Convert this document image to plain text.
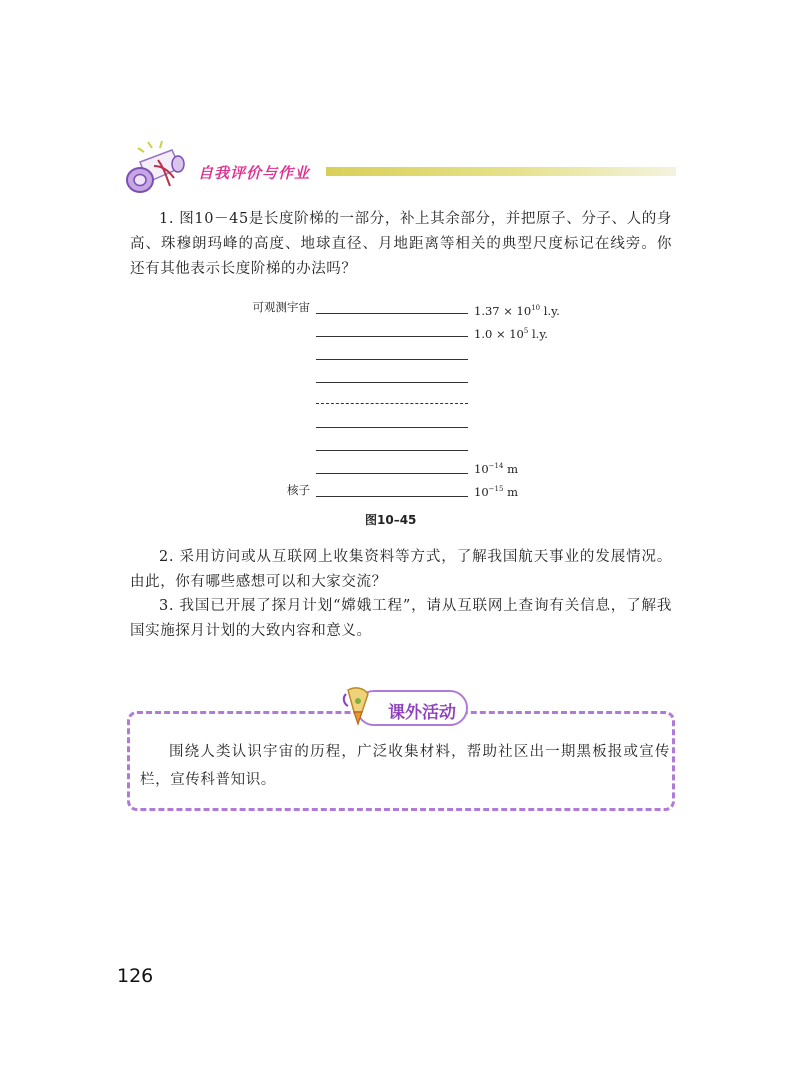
自我评价与作业
1. 图10－45是长度阶梯的一部分，补上其余部分，并把原子、分子、人的身高、珠穆朗玛峰的高度、地球直径、月地距离等相关的典型尺度标记在线旁。你还有其他表示长度阶梯的办法吗？
可观测宇宙
核子
$1.37 \times 10^{10}$ l.y.
$1.0 \times 10^5$ l.y.
$10^{-14}$ m
$10^{-15}$ m
图10–45
2. 采用访问或从互联网上收集资料等方式，了解我国航天事业的发展情况。由此，你有哪些感想可以和大家交流？
3. 我国已开展了探月计划“嫦娥工程”，请从互联网上查询有关信息，了解我国实施探月计划的大致内容和意义。
课外活动
围绕人类认识宇宙的历程，广泛收集材料，帮助社区出一期黑板报或宣传栏，宣传科普知识。
126
